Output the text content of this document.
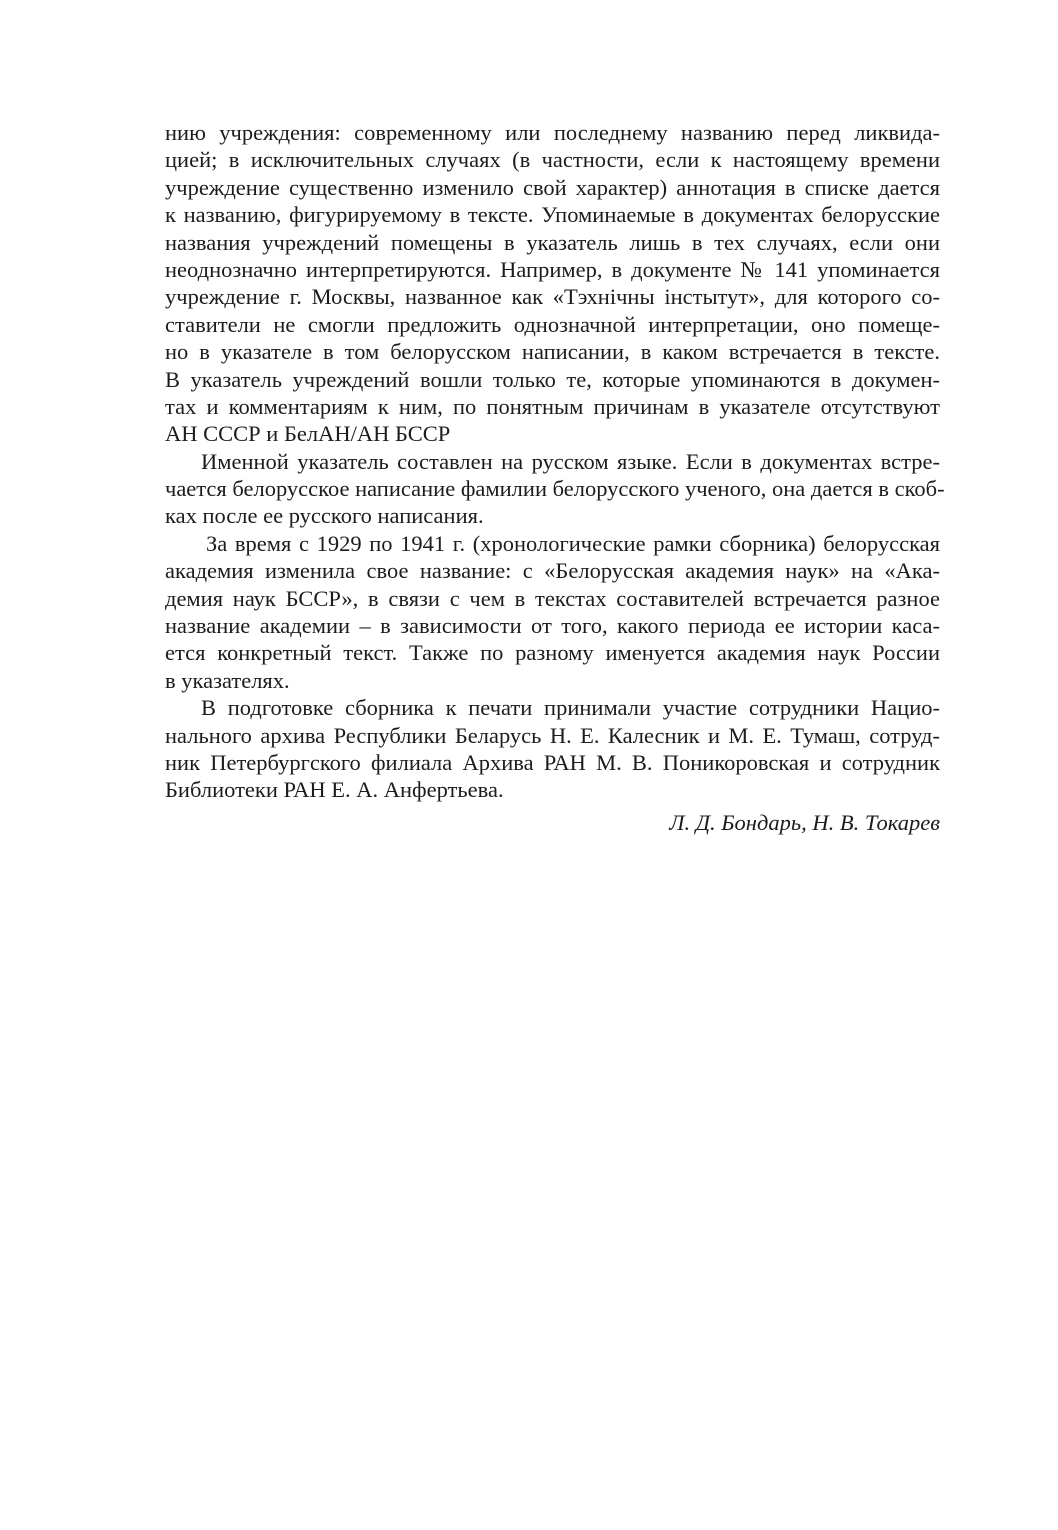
нию учреждения: современному или последнему названию перед ликвида-
цией; в исключительных случаях (в частности, если к настоящему времени
учреждение существенно изменило свой характер) аннотация в списке дается
к названию, фигурируемому в тексте. Упоминаемые в документах белорусские
названия учреждений помещены в указатель лишь в тех случаях, если они
неоднозначно интерпретируются. Например, в документе № 141 упоминается
учреждение г. Москвы, названное как «Тэхнiчны iнстытут», для которого со-
ставители не смогли предложить однозначной интерпретации, оно помеще-
но в указателе в том белорусском написании, в каком встречается в тексте.
В указатель учреждений вошли только те, которые упоминаются в докумен-
тах и комментариям к ним, по понятным причинам в указателе отсутствуют
АН СССР и БелАН/АН БССР
Именной указатель составлен на русском языке. Если в документах встре-
чается белорусское написание фамилии белорусского ученого, она дается в скоб-
ках после ее русского написания.
За время с 1929 по 1941 г. (хронологические рамки сборника) белорусская
академия изменила свое название: с «Белорусская академия наук» на «Ака-
демия наук БССР», в связи с чем в текстах составителей встречается разное
название академии – в зависимости от того, какого периода ее истории каса-
ется конкретный текст. Также по разному именуется академия наук России
в указателях.
В подготовке сборника к печати принимали участие сотрудники Нацио-
нального архива Республики Беларусь Н. Е. Калесник и М. Е. Тумаш, сотруд-
ник Петербургского филиала Архива РАН М. В. Поникоровская и сотрудник
Библиотеки РАН Е. А. Анфертьева.
Л. Д. Бондарь, Н. В. Токарев
